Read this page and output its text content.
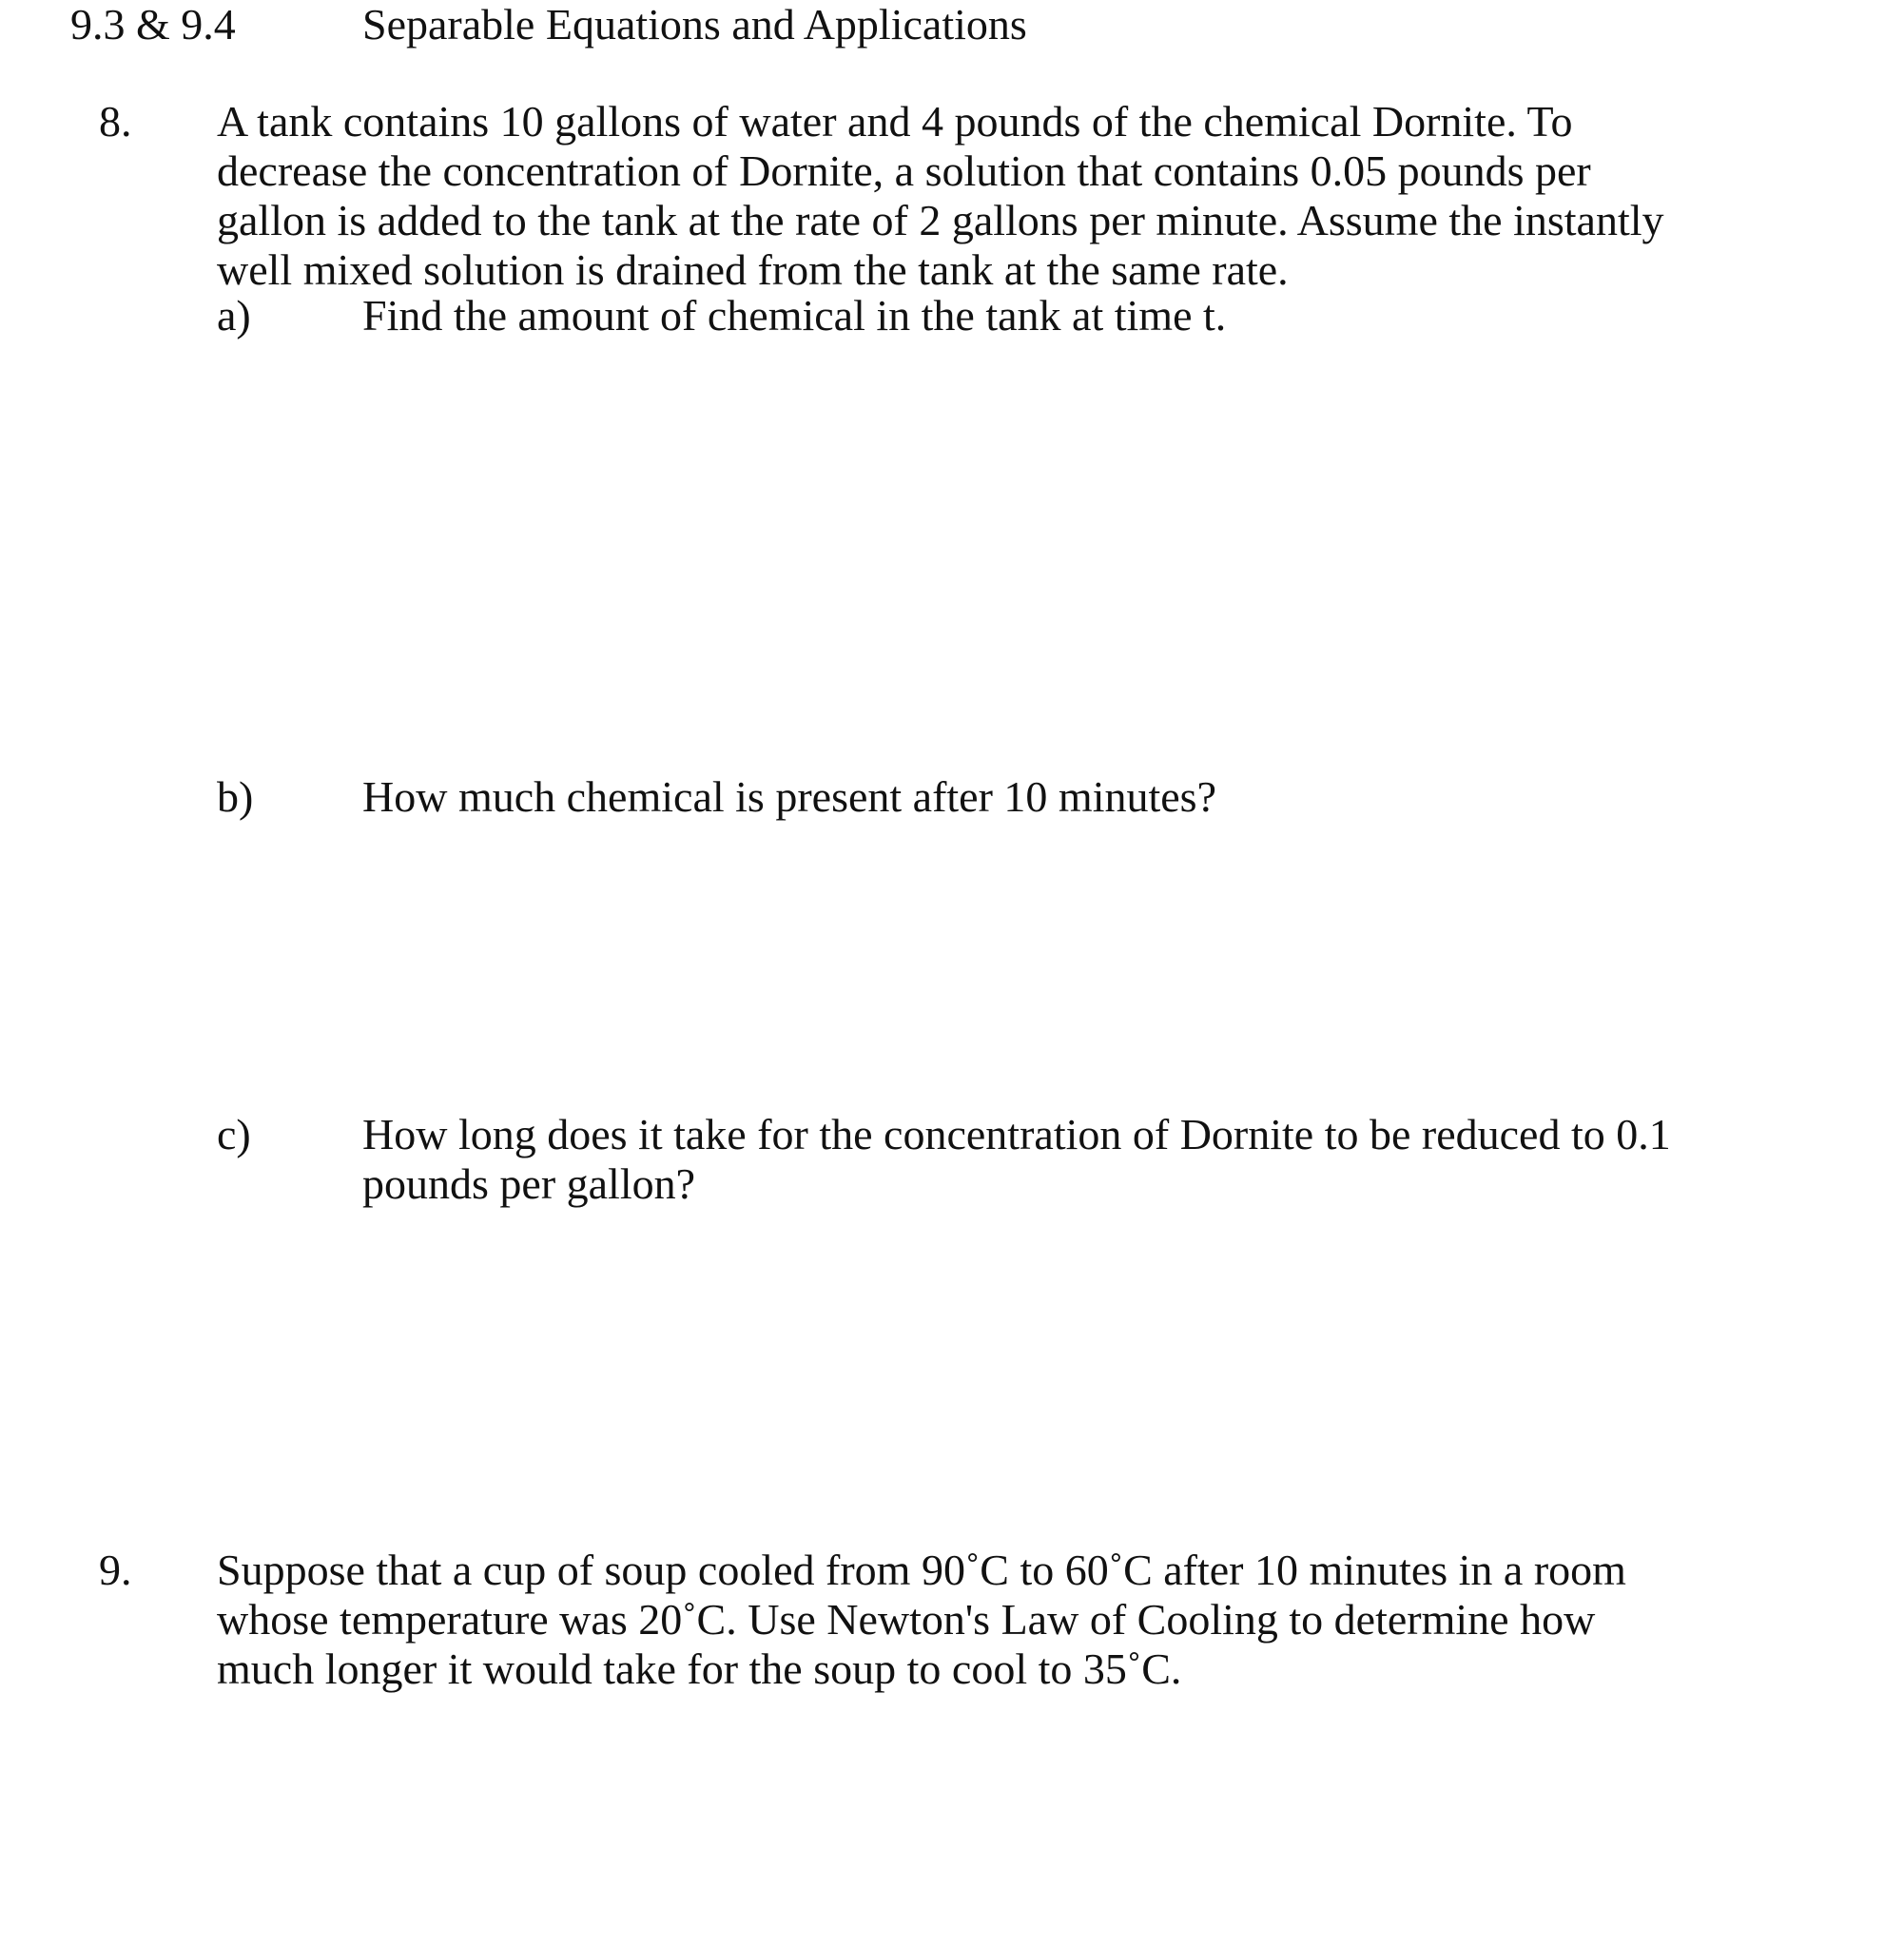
9.3 & 9.4	Separable Equations and Applications
8. A tank contains 10 gallons of water and 4 pounds of the chemical Dornite. To
decrease the concentration of Dornite, a solution that contains 0.05 pounds per
gallon is added to the tank at the rate of 2 gallons per minute. Assume the instantly
well mixed solution is drained from the tank at the same rate.
a)	Find the amount of chemical in the tank at time t.
b) How much chemical is present after 10 minutes?
c)	How long does it take for the concentration of Dornite to be reduced to 0.1
pounds per gallon?
9. Suppose that a cup of soup cooled from 90˚C to 60˚C after 10 minutes in a room
whose temperature was 20˚C. Use Newton's Law of Cooling to determine how
much longer it would take for the soup to cool to 35˚C.
